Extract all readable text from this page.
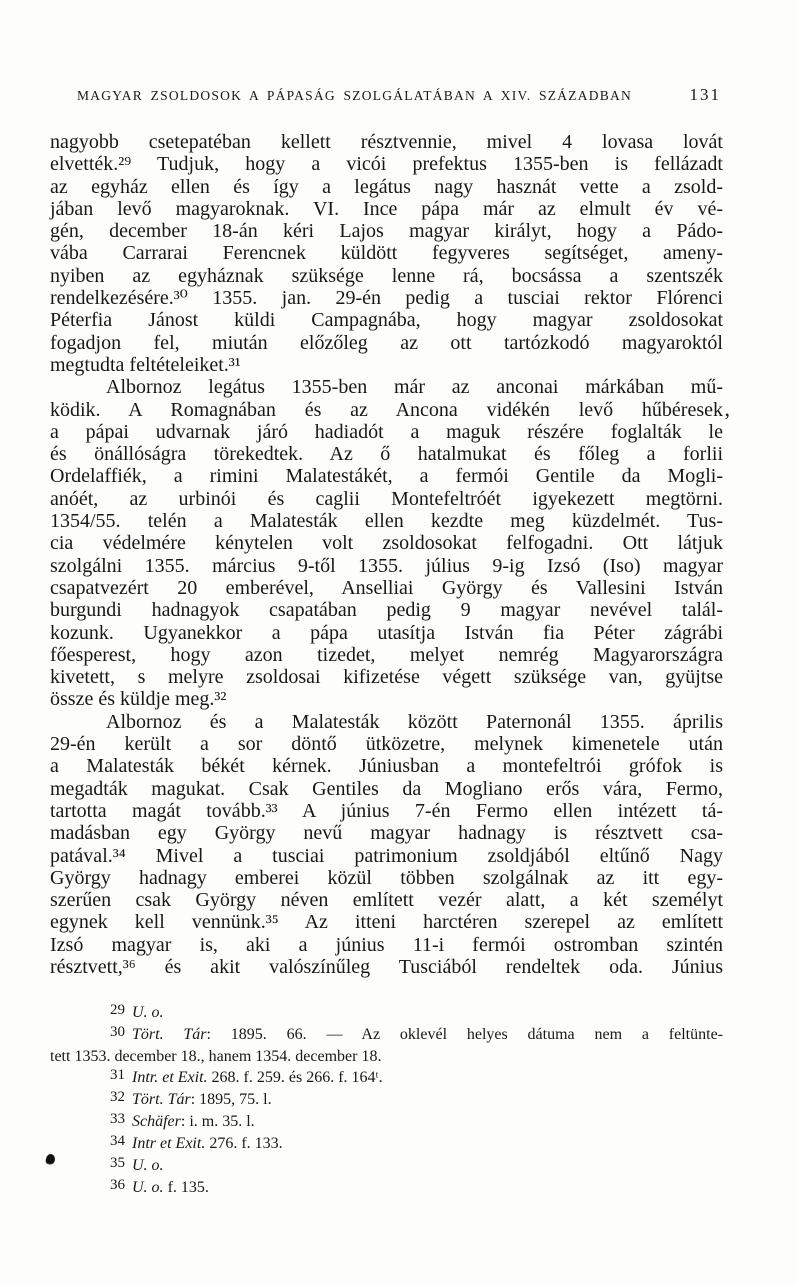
MAGYAR ZSOLDOSOK A PÁPASÁG SZOLGÁLATÁBAN A XIV. SZÁZADBAN	131
nagyobb csetepatéban kellett résztvennie, mivel 4 lovasa lovát
elvették.²⁹ Tudjuk, hogy a vicói prefektus 1355-ben is fellázadt
az egyház ellen és így a legátus nagy hasznát vette a zsold-
jában levő magyaroknak. VI. Ince pápa már az elmult év vé-
gén, december 18-án kéri Lajos magyar királyt, hogy a Pádo-
vába Carrarai Ferencnek küldött fegyveres segítséget, ameny-
nyiben az egyháznak szüksége lenne rá, bocsássa a szentszék
rendelkezésére.³⁰ 1355. jan. 29-én pedig a tusciai rektor Flórenci
Péterfia Jánost küldi Campagnába, hogy magyar zsoldosokat
fogadjon fel, miután előzőleg az ott tartózkodó magyaroktól
megtudta feltételeiket.³¹
Albornoz legátus 1355-ben már az anconai márkában mű-
ködik. A Romagnában és az Ancona vidékén levő hűbéresek
a pápai udvarnak járó hadiadót a maguk részére foglalták le
és önállóságra törekedtek. Az ő hatalmukat és főleg a forlii
Ordelaffiék, a rimini Malatestákét, a fermói Gentile da Mogli-
anóét, az urbinói és caglii Montefeltróét igyekezett megtörni.
1354/55. telén a Malatesták ellen kezdte meg küzdelmét. Tus-
cia védelmére kénytelen volt zsoldosokat felfogadni. Ott látjuk
szolgálni 1355. március 9-től 1355. július 9-ig Izsó (Iso) magyar
csapatvezért 20 emberével, Anselliai György és Vallesini István
burgundi hadnagyok csapatában pedig 9 magyar nevével talál-
kozunk. Ugyanekkor a pápa utasítja István fia Péter zágrábi
főesperest, hogy azon tizedet, melyet nemrég Magyarországra
kivetett, s melyre zsoldosai kifizetése végett szüksége van, gyüjtse
össze és küldje meg.³²
Albornoz és a Malatesták között Paternonál 1355. április
29-én került a sor döntő ütközetre, melynek kimenetele után
a Malatesták békét kérnek. Júniusban a montefeltrói grófok is
megadták magukat. Csak Gentiles da Mogliano erős vára, Fermo,
tartotta magát tovább.³³ A június 7-én Fermo ellen intézett tá-
madásban egy György nevű magyar hadnagy is résztvett csa-
patával.³⁴ Mivel a tusciai patrimonium zsoldjából eltűnő Nagy
György hadnagy emberei közül többen szolgálnak az itt egy-
szerűen csak György néven említett vezér alatt, a két személyt
egynek kell vennünk.³⁵ Az itteni harctéren szerepel az említett
Izsó magyar is, aki a június 11-i fermói ostromban szintén
résztvett,³⁶ és akit valószínűleg Tusciából rendeltek oda. Június
29 U. o.
30 Tört. Tár: 1895. 66. — Az oklevél helyes dátuma nem a feltünte-
tett 1353. december 18., hanem 1354. december 18.
31 Intr. et Exit. 268. f. 259. és 266. f. 164ᵗ.
32 Tört. Tár: 1895, 75. l.
33 Schäfer: i. m. 35. l.
34 Intr et Exit. 276. f. 133.
35 U. o.
36 U. o. f. 135.
,
